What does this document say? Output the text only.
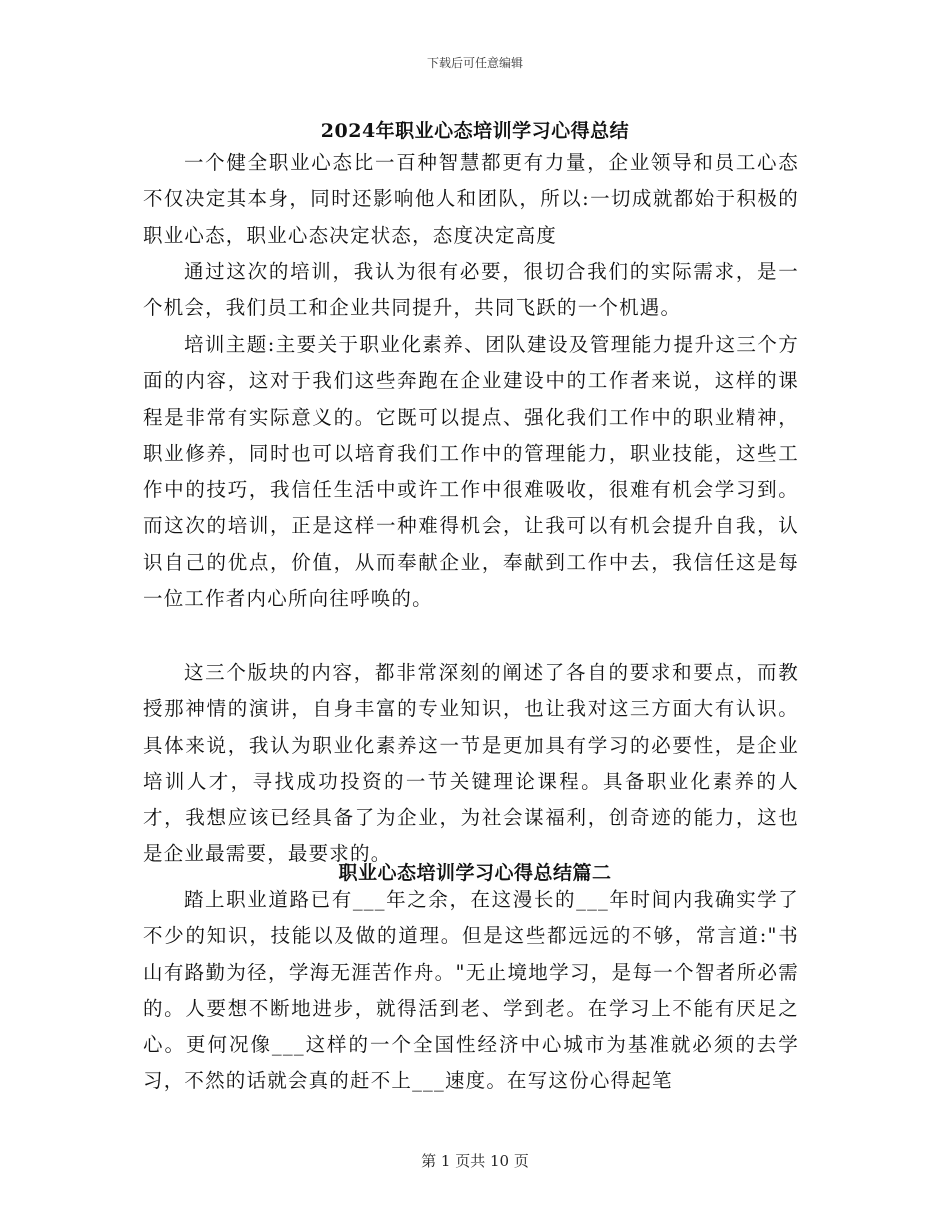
下载后可任意编辑
2024年职业心态培训学习心得总结

一个健全职业心态比一百种智慧都更有力量，企业领导和员工心态不仅决定其本身，同时还影响他人和团队，所以:一切成就都始于积极的职业心态，职业心态决定状态，态度决定高度

通过这次的培训，我认为很有必要，很切合我们的实际需求，是一个机会，我们员工和企业共同提升，共同飞跃的一个机遇。

培训主题:主要关于职业化素养、团队建设及管理能力提升这三个方面的内容，这对于我们这些奔跑在企业建设中的工作者来说，这样的课程是非常有实际意义的。它既可以提点、强化我们工作中的职业精神，职业修养，同时也可以培育我们工作中的管理能力，职业技能，这些工作中的技巧，我信任生活中或许工作中很难吸收，很难有机会学习到。而这次的培训，正是这样一种难得机会，让我可以有机会提升自我，认识自己的优点，价值，从而奉献企业，奉献到工作中去，我信任这是每一位工作者内心所向往呼唤的。

这三个版块的内容，都非常深刻的阐述了各自的要求和要点，而教授那神情的演讲，自身丰富的专业知识，也让我对这三方面大有认识。具体来说，我认为职业化素养这一节是更加具有学习的必要性，是企业培训人才，寻找成功投资的一节关键理论课程。具备职业化素养的人才，我想应该已经具备了为企业，为社会谋福利，创奇迹的能力，这也是企业最需要，最要求的。

职业心态培训学习心得总结篇二

踏上职业道路已有___年之余，在这漫长的___年时间内我确实学了不少的知识，技能以及做的道理。但是这些都远远的不够，常言道:"书山有路勤为径，学海无涯苦作舟。"无止境地学习，是每一个智者所必需的。人要想不断地进步，就得活到老、学到老。在学习上不能有厌足之心。更何况像___这样的一个全国性经济中心城市为基准就必须的去学习，不然的话就会真的赶不上___速度。在写这份心得起笔

第 1 页共 10 页
